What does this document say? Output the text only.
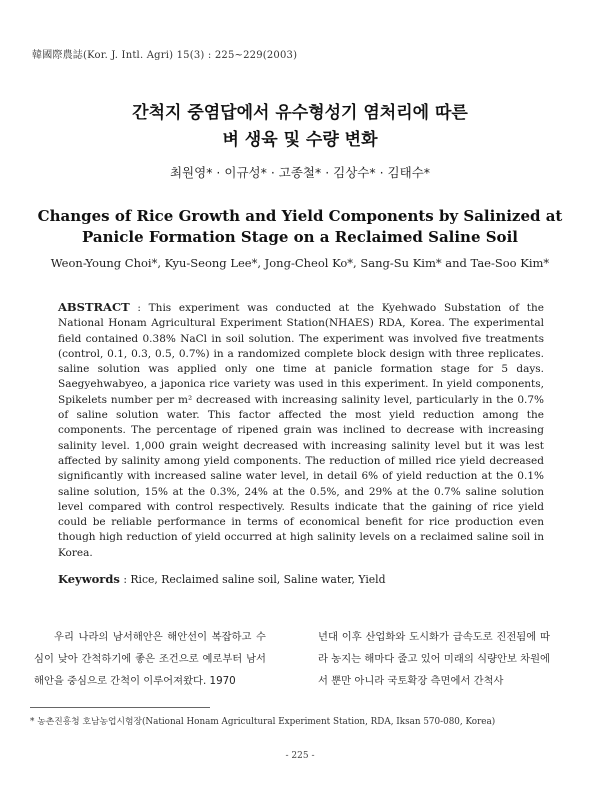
韓國際農誌(Kor. J. Intl. Agri) 15(3) : 225~229(2003)
간척지 중염답에서 유수형성기 염처리에 따른
벼 생육 및 수량 변화
최원영* · 이규성* · 고종철* · 김상수* · 김태수*
Changes of Rice Growth and Yield Components by Salinized at
Panicle Formation Stage on a Reclaimed Saline Soil
Weon-Young Choi*, Kyu-Seong Lee*, Jong-Cheol Ko*, Sang-Su Kim* and Tae-Soo Kim*
ABSTRACT : This experiment was conducted at the Kyehwado Substation of the National Honam Agricultural Experiment Station(NHAES) RDA, Korea. The experimental field contained 0.38% NaCl in soil solution. The experiment was involved five treatments (control, 0.1, 0.3, 0.5, 0.7%) in a randomized complete block design with three replicates. saline solution was applied only one time at panicle formation stage for 5 days. Saegyehwabyeo, a japonica rice variety was used in this experiment. In yield components, Spikelets number per m² decreased with increasing salinity level, particularly in the 0.7% of saline solution water. This factor affected the most yield reduction among the components. The percentage of ripened grain was inclined to decrease with increasing salinity level. 1,000 grain weight decreased with increasing salinity level but it was lest affected by salinity among yield components. The reduction of milled rice yield decreased significantly with increased saline water level, in detail 6% of yield reduction at the 0.1% saline solution, 15% at the 0.3%, 24% at the 0.5%, and 29% at the 0.7% saline solution level compared with control respectively. Results indicate that the gaining of rice yield could be reliable performance in terms of economical benefit for rice production even though high reduction of yield occurred at high salinity levels on a reclaimed saline soil in Korea.
Keywords : Rice, Reclaimed saline soil, Saline water, Yield
우리 나라의 남서해안은 해안선이 복잡하고 수심이 낮아 간척하기에 좋은 조건으로 예로부터 남서해안을 중심으로 간척이 이루어져왔다. 1970
년대 이후 산업화와 도시화가 급속도로 진전됨에 따라 농지는 해마다 줄고 있어 미래의 식량안보 차원에서 뿐만 아니라 국토확장 측면에서 간척사
* 농촌진흥청 호남농업시험장(National Honam Agricultural Experiment Station, RDA, Iksan 570-080, Korea)
- 225 -
